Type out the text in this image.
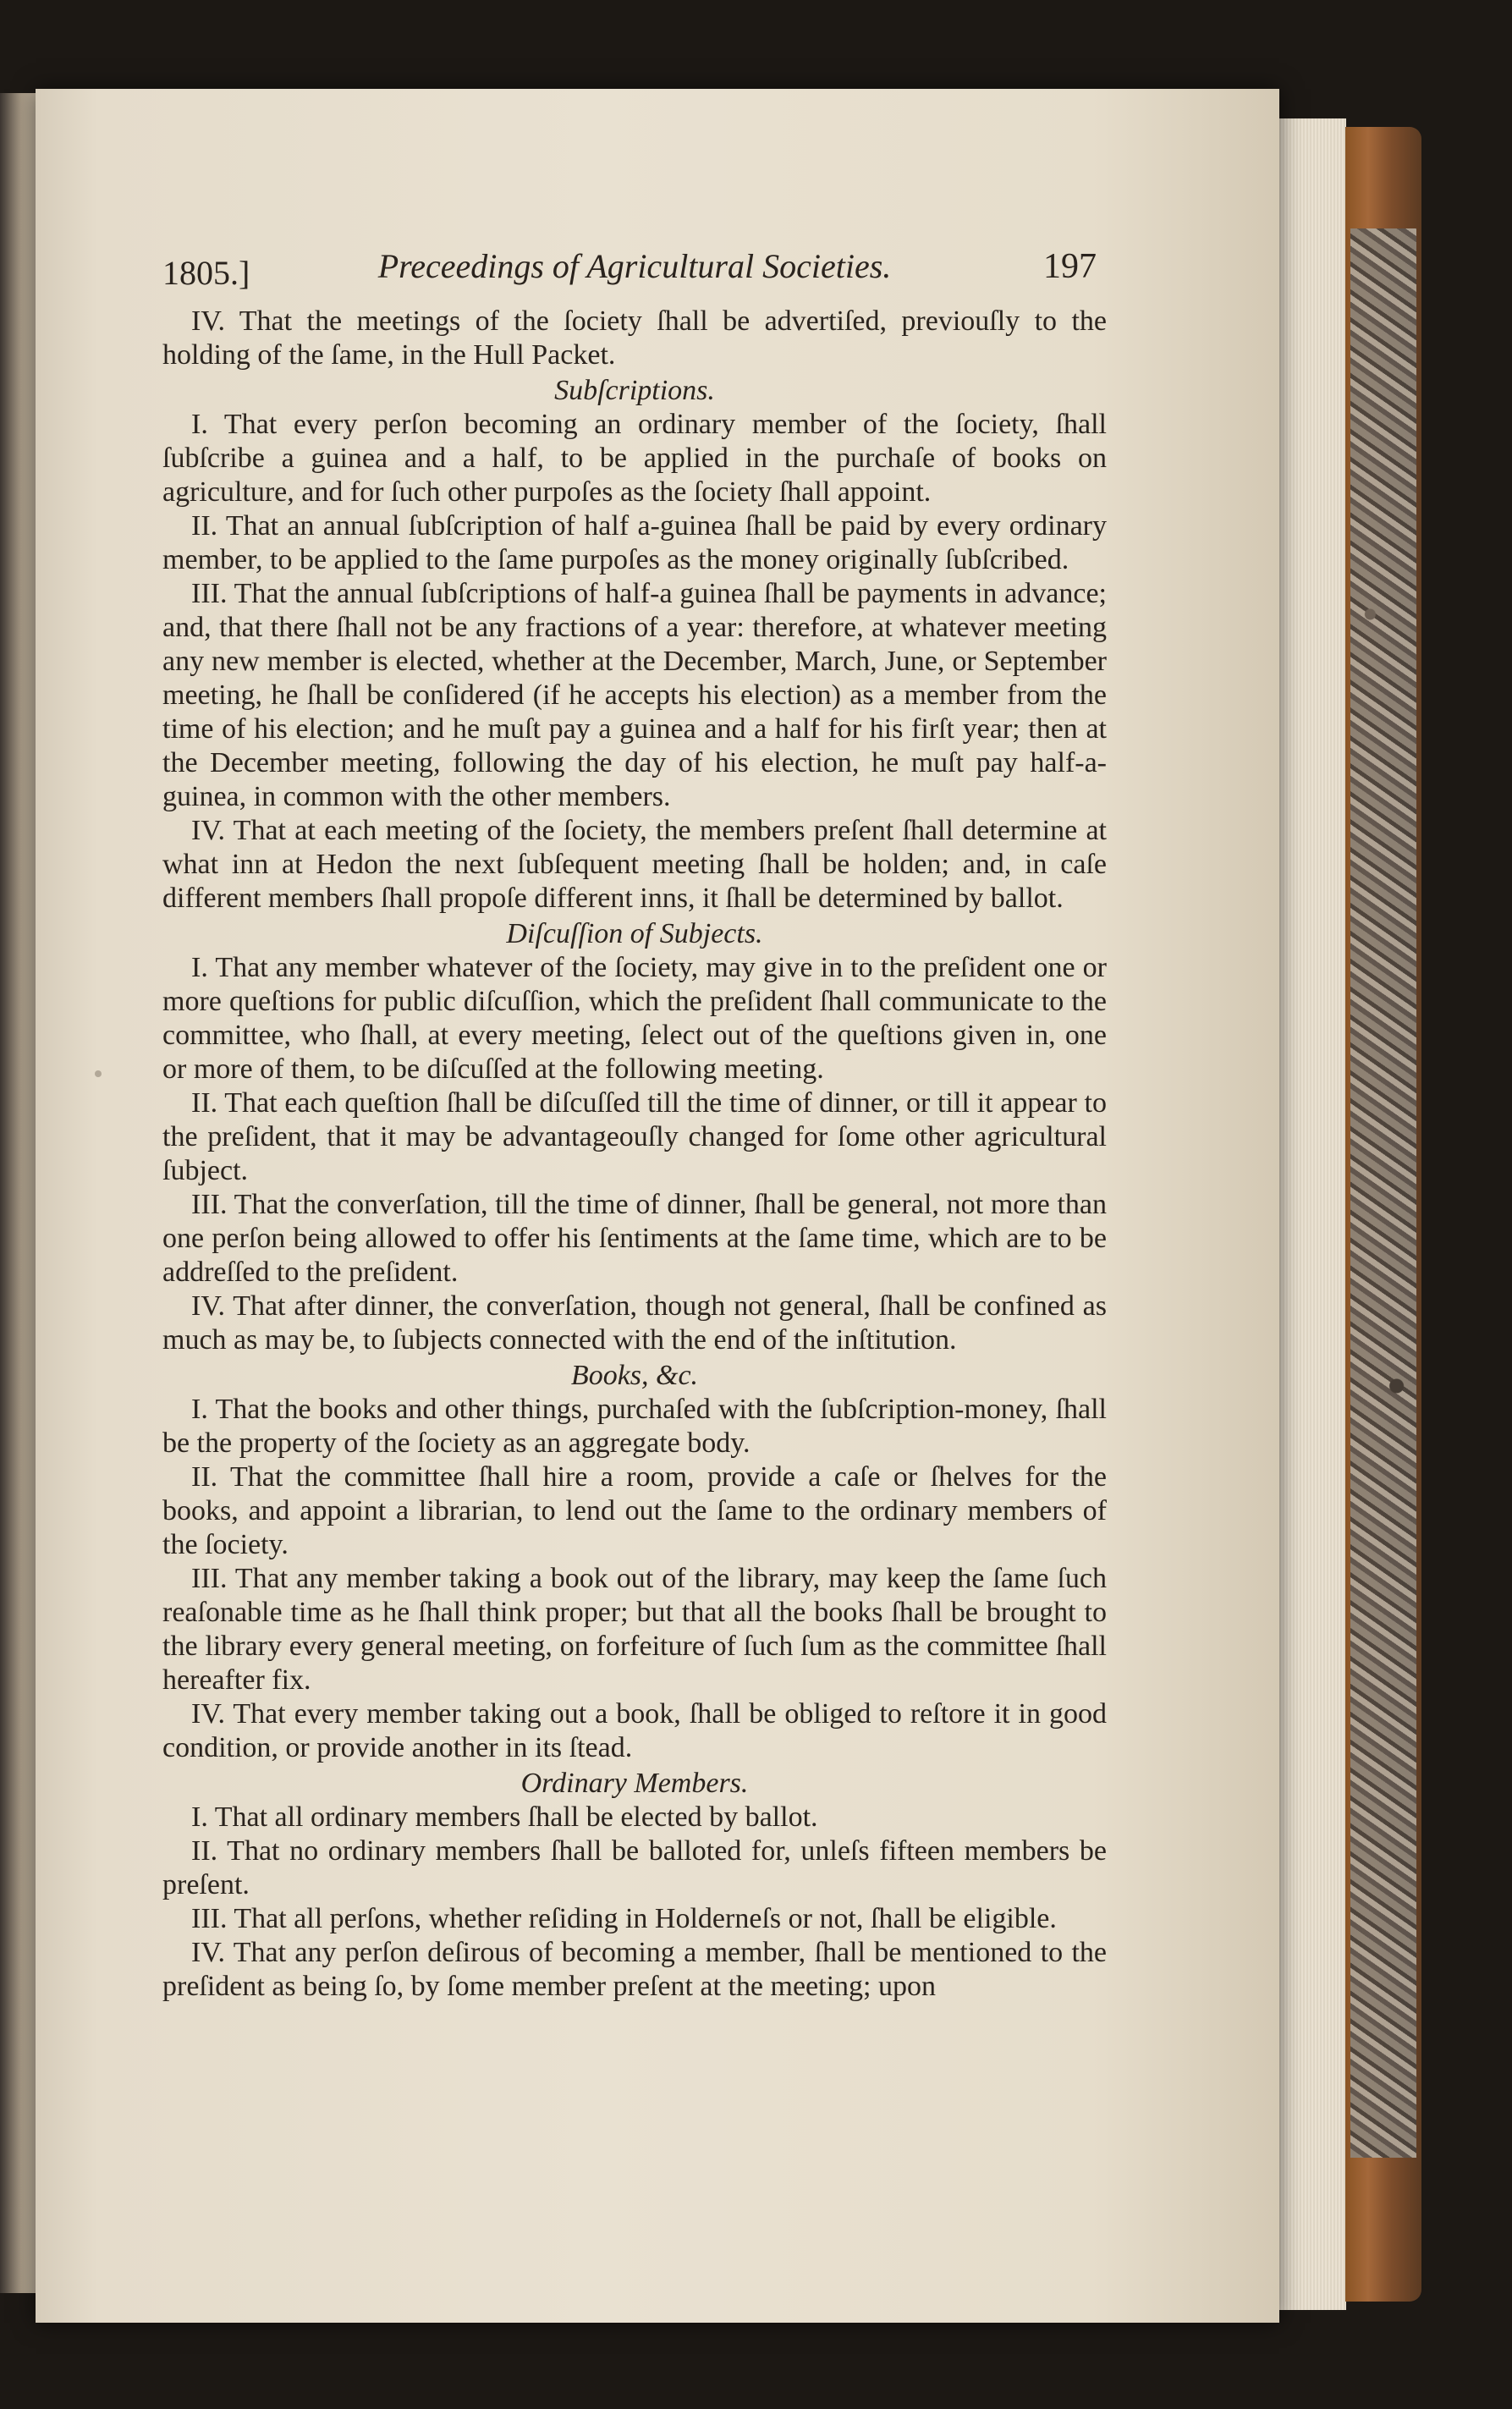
1805.]	Preceedings of Agricultural Societies.	197

IV. That the meetings of the ſociety ſhall be advertiſed, previouſly to the holding of the ſame, in the Hull Packet.

Subſcriptions.

I. That every perſon becoming an ordinary member of the ſociety, ſhall ſubſcribe a guinea and a half, to be applied in the purchaſe of books on agriculture, and for ſuch other purpoſes as the ſociety ſhall appoint.

II. That an annual ſubſcription of half a-guinea ſhall be paid by every ordinary member, to be applied to the ſame purpoſes as the money originally ſubſcribed.

III. That the annual ſubſcriptions of half-a guinea ſhall be payments in advance; and, that there ſhall not be any fractions of a year: therefore, at whatever meeting any new member is elected, whether at the December, March, June, or September meeting, he ſhall be conſidered (if he accepts his election) as a member from the time of his election; and he muſt pay a guinea and a half for his firſt year; then at the December meeting, following the day of his election, he muſt pay half-a-guinea, in common with the other members.

IV. That at each meeting of the ſociety, the members preſent ſhall determine at what inn at Hedon the next ſubſequent meeting ſhall be holden; and, in caſe different members ſhall propoſe different inns, it ſhall be determined by ballot.

Diſcuſſion of Subjects.

I. That any member whatever of the ſociety, may give in to the preſident one or more queſtions for public diſcuſſion, which the preſident ſhall communicate to the committee, who ſhall, at every meeting, ſelect out of the queſtions given in, one or more of them, to be diſcuſſed at the following meeting.

II. That each queſtion ſhall be diſcuſſed till the time of dinner, or till it appear to the preſident, that it may be advantageouſly changed for ſome other agricultural ſubject.

III. That the converſation, till the time of dinner, ſhall be general, not more than one perſon being allowed to offer his ſentiments at the ſame time, which are to be addreſſed to the preſident.

IV. That after dinner, the converſation, though not general, ſhall be confined as much as may be, to ſubjects connected with the end of the inſtitution.

Books, &c.

I. That the books and other things, purchaſed with the ſubſcription-money, ſhall be the property of the ſociety as an aggregate body.

II. That the committee ſhall hire a room, provide a caſe or ſhelves for the books, and appoint a librarian, to lend out the ſame to the ordinary members of the ſociety.

III. That any member taking a book out of the library, may keep the ſame ſuch reaſonable time as he ſhall think proper; but that all the books ſhall be brought to the library every general meeting, on forfeiture of ſuch ſum as the committee ſhall hereafter fix.

IV. That every member taking out a book, ſhall be obliged to reſtore it in good condition, or provide another in its ſtead.

Ordinary Members.

I. That all ordinary members ſhall be elected by ballot.

II. That no ordinary members ſhall be balloted for, unleſs fifteen members be preſent.

III. That all perſons, whether reſiding in Holderneſs or not, ſhall be eligible.

IV. That any perſon deſirous of becoming a member, ſhall be mentioned to the preſident as being ſo, by ſome member preſent at the meeting; upon
